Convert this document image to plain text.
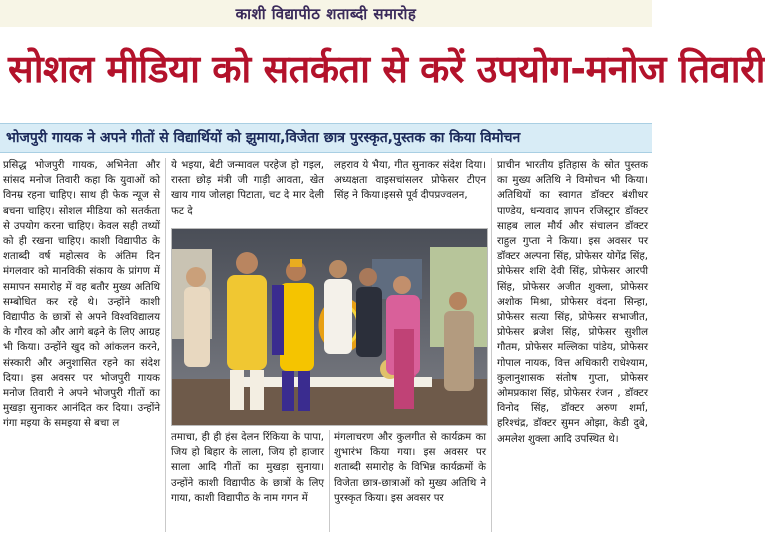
काशी विद्यापीठ शताब्दी समारोह
सोशल मीडिया को सतर्कता से करें उपयोग-मनोज तिवारी
भोजपुरी गायक ने अपने गीतों से विद्यार्थियों को झुमाया,विजेता छात्र पुरस्कृत,पुस्तक का किया विमोचन

प्रसिद्ध भोजपुरी गायक, अभिनेता और सांसद मनोज तिवारी कहा कि युवाओं को विनम्र रहना चाहिए। साथ ही फेक न्यूज से बचना चाहिए। सोशल मीडिया को सतर्कता से उपयोग करना चाहिए। केवल सही तथ्यों को ही रखना चाहिए। काशी विद्यापीठ के शताब्दी वर्ष महोत्सव के अंतिम दिन मंगलवार को मानविकी संकाय के प्रांगण में समापन समारोह में वह बतौर मुख्य अतिथि सम्बोधित कर रहे थे। उन्होंने काशी विद्यापीठ के छात्रों से अपने विश्वविद्यालय के गौरव को और आगे बढ़ने के लिए आग्रह भी किया। उन्होंने खुद को आंकलन करने, संस्कारी और अनुशासित रहने का संदेश दिया। इस अवसर पर भोजपुरी गायक मनोज तिवारी ने अपने भोजपुरी गीतों का मुखड़ा सुनाकर आनंदित कर दिया। उन्होंने गंगा मइया के समइया से बचा ल

ये भइया, बेटी जन्मावल परहेज हो गइल, रास्ता छोड़ मंत्री जी गाड़ी आवता, खेत खाय गाय जोलहा पिटाता, चट दे मार देली फट दे

लहराव ये भैया, गीत सुनाकर संदेश दिया। अध्यक्षता वाइसचांसलर प्रोफेसर टीएन सिंह ने किया।इससे पूर्व दीपप्रज्वलन,

तमाचा, ही ही हंस देलन रिंकिया के पापा, जिय हो बिहार के लाला, जिय हो हाजार साला आदि गीतों का मुखड़ा सुनाया। उन्होंने काशी विद्यापीठ के छात्रों के लिए गाया, काशी विद्यापीठ के नाम गगन में

मंगलाचरण और कुलगीत से कार्यक्रम का शुभारंभ किया गया। इस अवसर पर शताब्दी समारोह के विभिन्न कार्यक्रमों के विजेता छात्र-छात्राओं को मुख्य अतिथि ने पुरस्कृत किया। इस अवसर पर

प्राचीन भारतीय इतिहास के स्रोत पुस्तक का मुख्य अतिथि ने विमोचन भी किया। अतिथियों का स्वागत डॉक्टर बंशीधर पाण्डेय, धन्यवाद ज्ञापन रजिस्ट्रार डॉक्टर साहब लाल मौर्य और संचालन डॉक्टर राहुल गुप्ता ने किया। इस अवसर पर डॉक्टर अल्पना सिंह, प्रोफेसर योगेंद्र सिंह, प्रोफेसर शशि देवी सिंह, प्रोफेसर आरपी सिंह, प्रोफेसर अजीत शुक्ला, प्रोफेसर अशोक मिश्रा, प्रोफेसर वंदना सिन्हा, प्रोफेसर सत्या सिंह, प्रोफेसर सभाजीत, प्रोफेसर ब्रजेश सिंह, प्रोफेसर सुशील गौतम, प्रोफेसर मल्लिका पांडेय, प्रोफेसर गोपाल नायक, वित्त अधिकारी राधेश्याम, कुलानुशासक संतोष गुप्ता, प्रोफेसर ओमप्रकाश सिंह, प्रोफेसर रंजन , डॉक्टर विनोद सिंह, डॉक्टर अरुण शर्मा, हरिश्चंद्र, डॉक्टर सुमन ओझा, केडी दुबे, अमलेश शुक्ला आदि उपस्थित थे।
